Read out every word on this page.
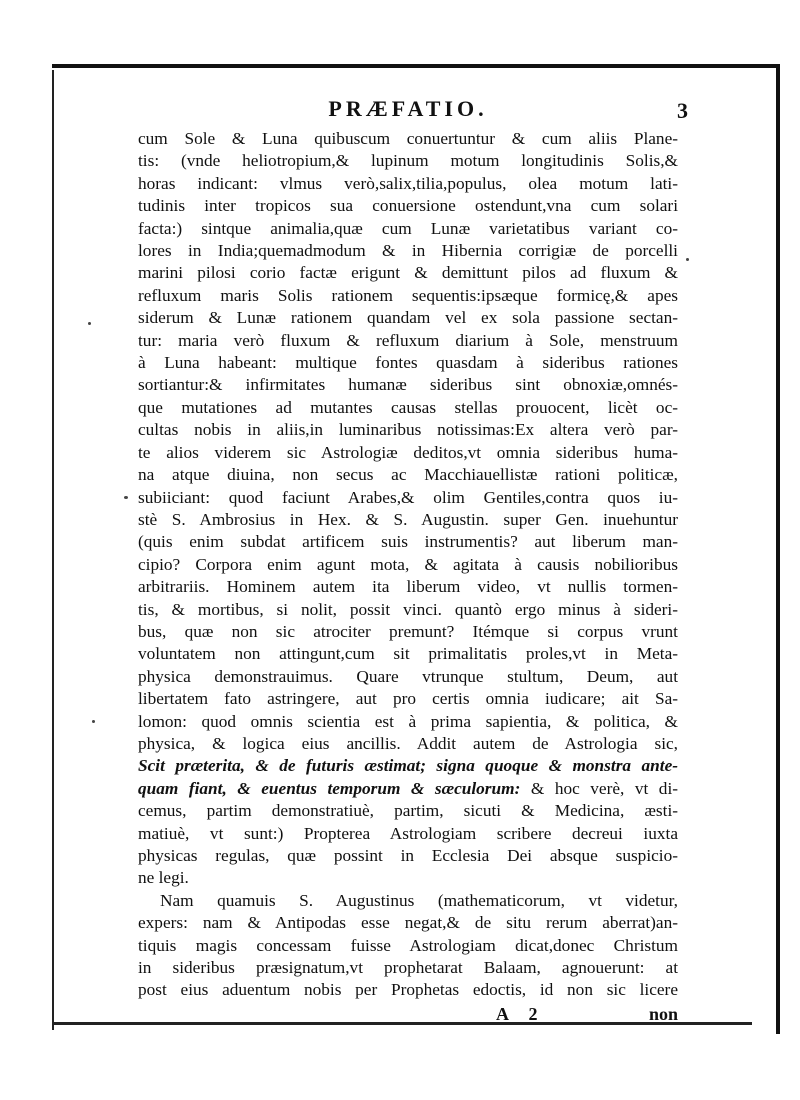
PRÆFATIO.	3

cum Sole & Luna quibuscum conuertuntur & cum aliis Plane-
tis: (vnde heliotropium,& lupinum motum longitudinis Solis,&
horas indicant: vlmus verò,salix,tilia,populus, olea motum lati-
tudinis inter tropicos sua conuersione ostendunt,vna cum solari
facta:) sintque animalia,quæ cum Lunæ varietatibus variant co-
lores in India;quemadmodum & in Hibernia corrigiæ de porcelli
marini pilosi corio factæ erigunt & demittunt pilos ad fluxum &
refluxum maris Solis rationem sequentis:ipsæque formicę,& apes
siderum & Lunæ rationem quandam vel ex sola passione sectan-
tur: maria verò fluxum & refluxum diarium à Sole, menstruum
à Luna habeant: multique fontes quasdam à sideribus rationes
sortiantur:& infirmitates humanæ sideribus sint obnoxiæ,omnés-
que mutationes ad mutantes causas stellas prouocent, licèt oc-
cultas nobis in aliis,in luminaribus notissimas:Ex altera verò par-
te alios viderem sic Astrologiæ deditos,vt omnia sideribus huma-
na atque diuina, non secus ac Macchiauellistæ rationi politicæ,
subiiciant: quod faciunt Arabes,& olim Gentiles,contra quos iu-
stè S. Ambrosius in Hex. & S. Augustin. super Gen. inuehuntur
(quis enim subdat artificem suis instrumentis? aut liberum man-
cipio? Corpora enim agunt mota, & agitata à causis nobilioribus
arbitrariis. Hominem autem ita liberum video, vt nullis tormen-
tis, & mortibus, si nolit, possit vinci. quantò ergo minus à sideri-
bus, quæ non sic atrociter premunt? Itémque si corpus vrunt
voluntatem non attingunt,cum sit primalitatis proles,vt in Meta-
physica demonstrauimus. Quare vtrunque stultum, Deum, aut
libertatem fato astringere, aut pro certis omnia iudicare; ait Sa-
lomon: quod omnis scientia est à prima sapientia, & politica, &
physica, & logica eius ancillis. Addit autem de Astrologia sic,
Scit præterita, & de futuris æstimat; signa quoque & monstra ante-
quam fiant, & euentus temporum & sæculorum: & hoc verè, vt di-
cemus, partim demonstratiuè, partim, sicuti & Medicina, æsti-
matiuè, vt sunt:) Propterea Astrologiam scribere decreui iuxta
physicas regulas, quæ possint in Ecclesia Dei absque suspicio-
ne legi.

Nam quamuis S. Augustinus (mathematicorum, vt videtur,
expers: nam & Antipodas esse negat,& de situ rerum aberrat)an-
tiquis magis concessam fuisse Astrologiam dicat,donec Christum
in sideribus præsignatum,vt prophetarat Balaam, agnouerunt: at
post eius aduentum nobis per Prophetas edoctis, id non sic licere

A 2	non
